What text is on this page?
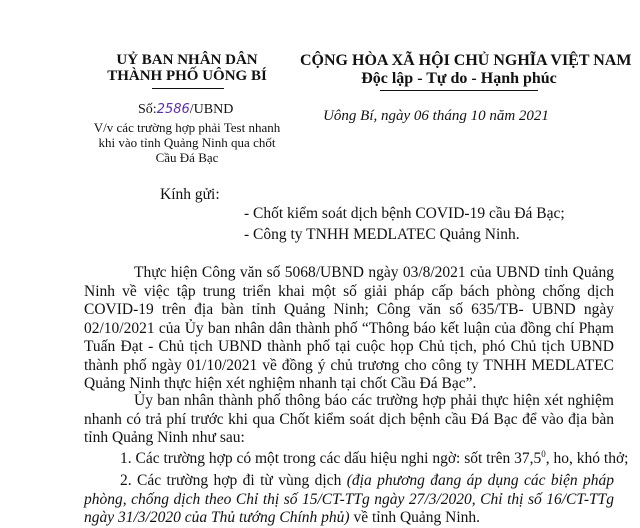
UỶ BAN NHÂN DÂN
THÀNH PHỐ UÔNG BÍ
Số:2586/UBND
V/v các trường hợp phải Test nhanh
khi vào tỉnh Quảng Ninh qua chốt
Cầu Đá Bạc
CỘNG HÒA XÃ HỘI CHỦ NGHĨA VIỆT NAM
Độc lập - Tự do - Hạnh phúc
Uông Bí, ngày 06 tháng 10 năm 2021
Kính gửi:
- Chốt kiểm soát dịch bệnh COVID-19 cầu Đá Bạc;
- Công ty TNHH MEDLATEC Quảng Ninh.
Thực hiện Công văn số 5068/UBND ngày 03/8/2021 của UBND tỉnh Quảng Ninh về việc tập trung triển khai một số giải pháp cấp bách phòng chống dịch COVID-19 trên địa bàn tỉnh Quảng Ninh; Công văn số 635/TB- UBND ngày 02/10/2021 của Ủy ban nhân dân thành phố “Thông báo kết luận của đồng chí Phạm Tuấn Đạt - Chủ tịch UBND thành phố tại cuộc họp Chủ tịch, phó Chủ tịch UBND thành phố ngày 01/10/2021 về đồng ý chủ trương cho công ty TNHH MEDLATEC Quảng Ninh thực hiện xét nghiệm nhanh tại chốt Cầu Đá Bạc”.
Ủy ban nhân thành phố thông báo các trường hợp phải thực hiện xét nghiệm nhanh có trả phí trước khi qua Chốt kiểm soát dịch bệnh cầu Đá Bạc để vào địa bàn tỉnh Quảng Ninh như sau:
1. Các trường hợp có một trong các dấu hiệu nghi ngờ: sốt trên 37,5$^0$, ho, khó thở;
2. Các trường hợp đi từ vùng dịch (địa phương đang áp dụng các biện pháp phòng, chống dịch theo Chỉ thị số 15/CT-TTg ngày 27/3/2020, Chỉ thị số 16/CT-TTg ngày 31/3/2020 của Thủ tướng Chính phủ) về tỉnh Quảng Ninh.
